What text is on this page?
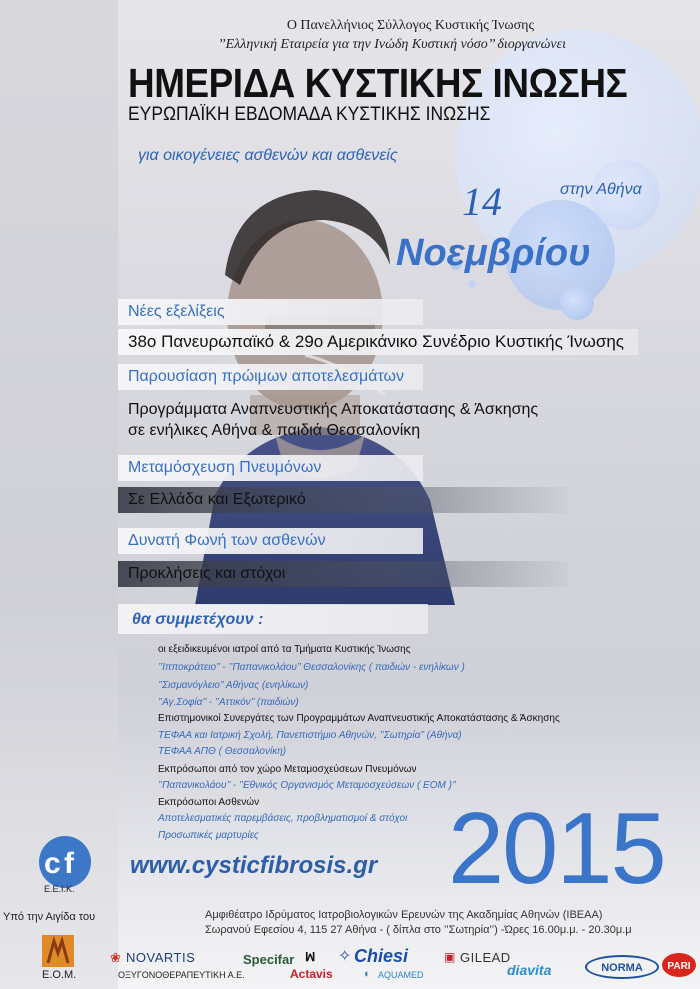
Ο Πανελλήνιος Σύλλογος Κυστικής Ίνωσης
’’Ελληνική Εταιρεία για την Ινώδη Κυστική νόσο’’ διοργανώνει
ΗΜΕΡΙΔΑ ΚΥΣΤΙΚΗΣ ΙΝΩΣΗΣ
ΕΥΡΩΠΑΪΚΗ ΕΒΔΟΜΑΔΑ ΚΥΣΤΙΚΗΣ ΙΝΩΣΗΣ
για οικογένειες ασθενών και ασθενείς
14	στην Αθήνα
Νοεμβρίου
Νέες εξελίξεις
38ο Πανευρωπαϊκό & 29ο Αμερικάνικο Συνέδριο Κυστικής Ίνωσης
Παρουσίαση πρώιμων αποτελεσμάτων
Προγράμματα Αναπνευστικής Αποκατάστασης & Άσκησης
σε ενήλικες Αθήνα & παιδιά Θεσσαλονίκη
Μεταμόσχευση Πνευμόνων
Σε Ελλάδα και Εξωτερικό
Δυνατή Φωνή των ασθενών
Προκλήσεις και στόχοι
θα συμμετέχουν :
οι εξειδικευμένοι ιατροί από τα Τμήματα Κυστικής Ίνωσης
’’Ιπποκράτειο’’ - ’’Παπανικολάου’’ Θεσσαλονίκης ( παιδιών - ενηλίκων )
’’Σισμανόγλειο’’ Αθήνας (ενηλίκων)
’’Αγ.Σοφία’’ - ’’Αττικόν’’ (παιδιών)
Επιστημονικοί Συνεργάτες των Προγραμμάτων Αναπνευστικής Αποκατάστασης & Άσκησης
ΤΕΦΑΑ και Ιατρική Σχολή, Πανεπιστήμιο Αθηνών, ’’Σωτηρία’’ (Αθήνα)
ΤΕΦΑΑ ΑΠΘ ( Θεσσαλονίκη)
Εκπρόσωποι από τον χώρο Μεταμοσχεύσεων Πνευμόνων
’’Παπανικολάου’’ - ’’Εθνικός Οργανισμός Μεταμοσχεύσεων ( ΕΟΜ )’’
Εκπρόσωποι Ασθενών
Αποτελεσματικές παρεμβάσεις, προβληματισμοί & στόχοι
Προσωπικές μαρτυρίες 2015
www.cysticfibrosis.gr
c f
Ε.Ε.Ι.Κ.
Υπό την Αιγίδα του	Αμφιθέατρο Ιδρύματος Ιατροβιολογικών Ερευνών της Ακαδημίας Αθηνών (ΙΒΕΑΑ)
Σωρανού Εφεσίου 4, 115 27 Αθήνα - ( δίπλα στο ’’Σωτηρία’’) -Ώρες 16.00μ.μ. - 20.30μ.μ
Ε.Ο.Μ.
❀ NOVARTIS
ΟΞΥΓΟΝΟΘΕΡΑΠΕΥΤΙΚΗ Α.Ε.
Specifar ꟽ
Actavis
✧ Chiesi
◐ AQUAMED
▣ GILEAD
diavita	NORMA	PARI
